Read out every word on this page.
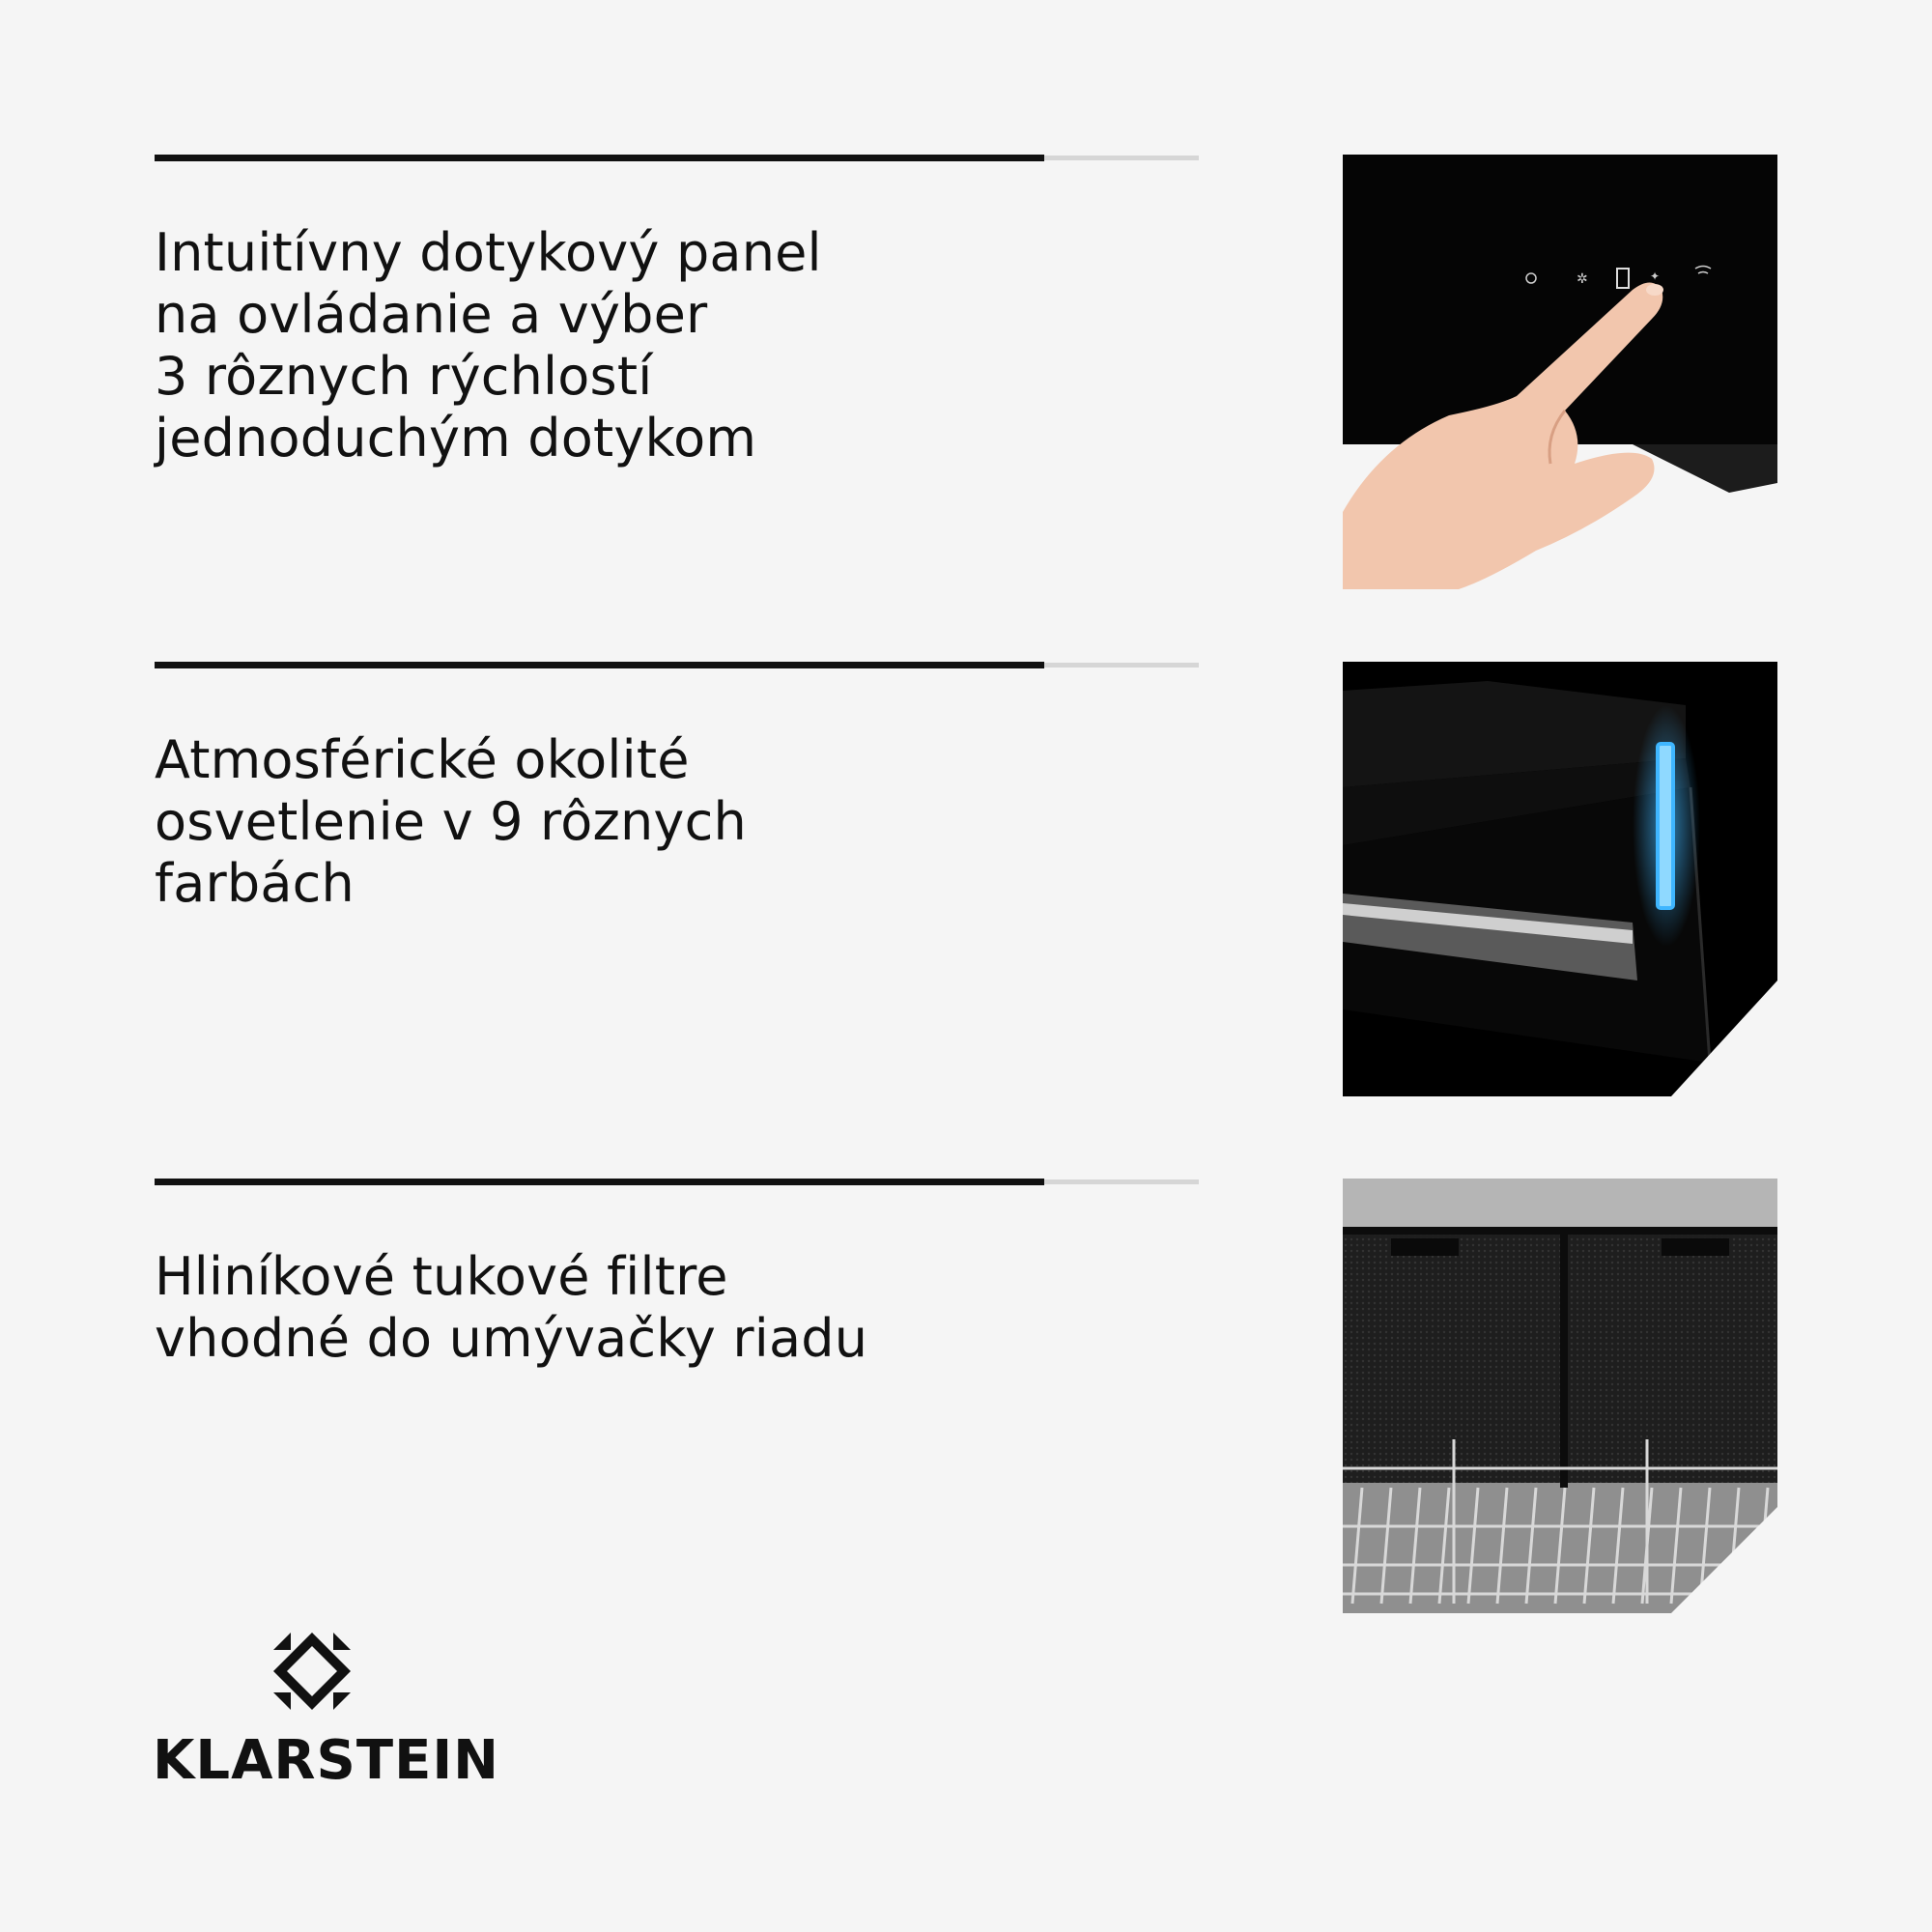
Intuitívny dotykový panel
na ovládanie a výber
3 rôznych rýchlostí
jednoduchým dotykom
✲	✦
Atmosférické okolité
osvetlenie v 9 rôznych
farbách
Hliníkové tukové filtre
vhodné do umývačky riadu
KLARSTEIN
